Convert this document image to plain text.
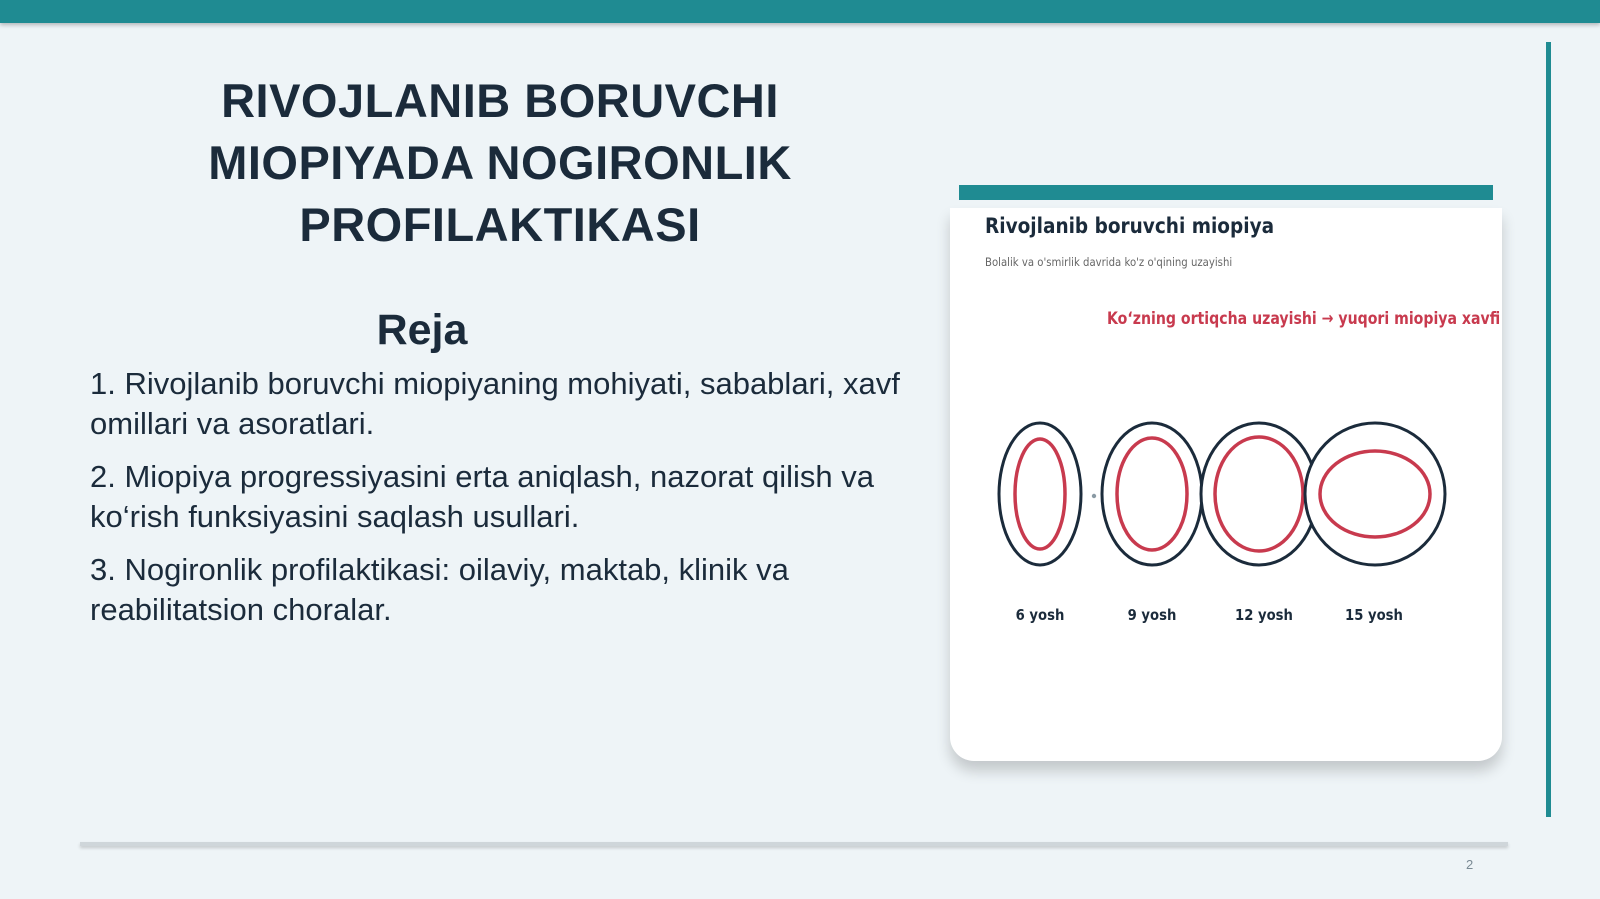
RIVOJLANIB BORUVCHI
MIOPIYADA NOGIRONLIK
PROFILAKTIKASI
Reja
1. Rivojlanib boruvchi miopiyaning mohiyati, sabablari, xavf omillari va asoratlari.
2. Miopiya progressiyasini erta aniqlash, nazorat qilish va ko‘rish funksiyasini saqlash usullari.
3. Nogironlik profilaktikasi: oilaviy, maktab, klinik va reabilitatsion choralar.
Rivojlanib boruvchi miopiya
Bolalik va o'smirlik davrida ko'z o'qining uzayishi
Ko‘zning ortiqcha uzayishi → yuqori miopiya xavfi
6 yosh	9 yosh	12 yosh	15 yosh
2
